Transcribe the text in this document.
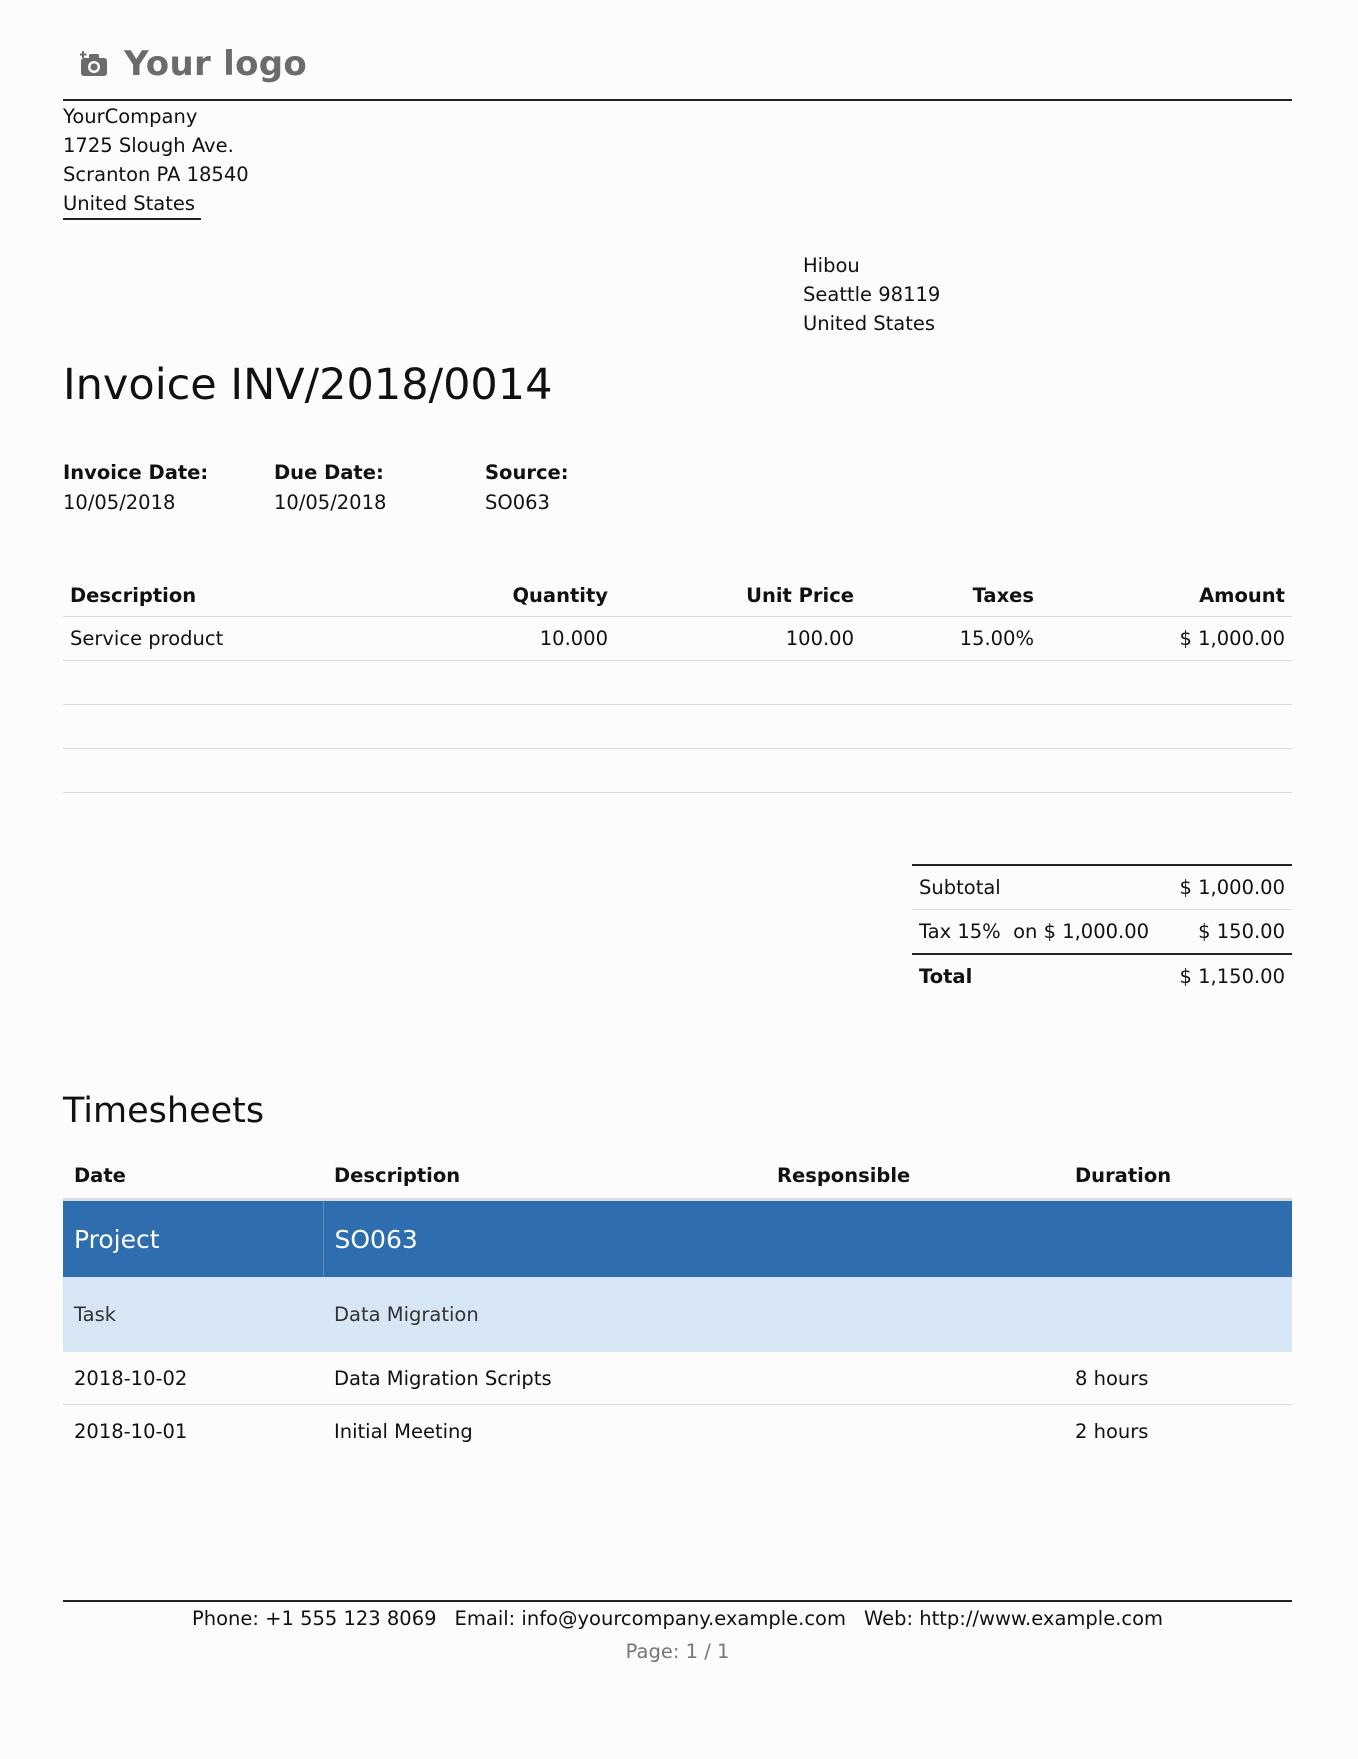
Your logo
YourCompany
1725 Slough Ave.
Scranton PA 18540
United States
Hibou
Seattle 98119
United States
Invoice INV/2018/0014
Invoice Date:
10/05/2018
Due Date:
10/05/2018
Source:
SO063
Description	Quantity	Unit Price	Taxes	Amount
Service product	10.000	100.00	15.00%	$ 1,000.00

Subtotal	$ 1,000.00
Tax 15%  on $ 1,000.00	$ 150.00
Total	$ 1,150.00
Timesheets
Date	Description	Responsible	Duration
Project	SO063		
Task	Data Migration		
2018-10-02	Data Migration Scripts		8 hours
2018-10-01	Initial Meeting		2 hours
Phone: +1 555 123 8069 Email: info@yourcompany.example.com Web: http://www.example.com
Page: 1 / 1
